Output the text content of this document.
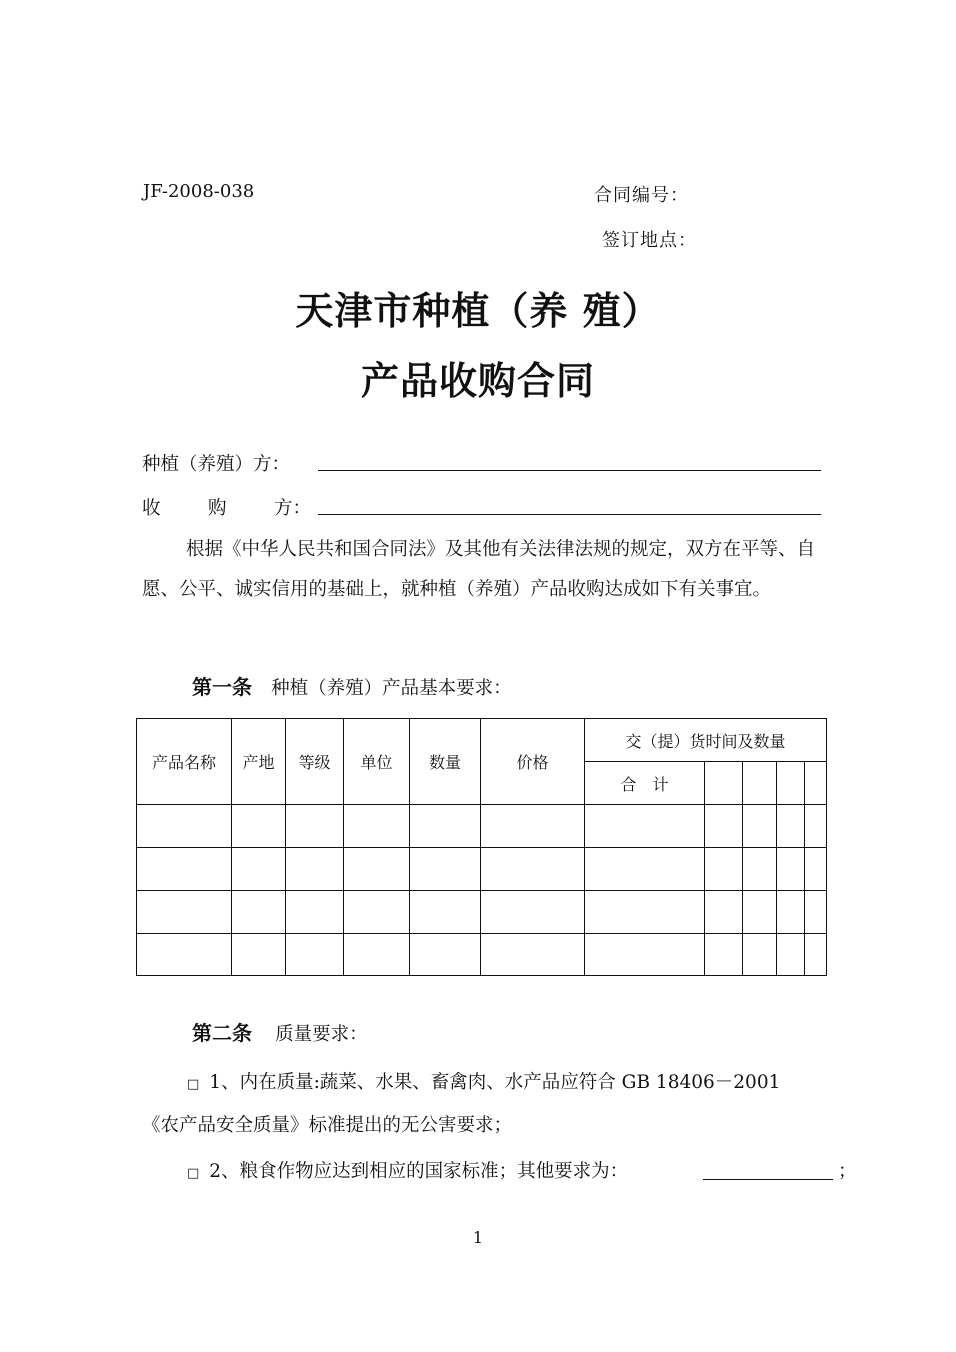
JF-2008-038	合同编号：
签订地点：
天津市种植（养 殖）
产品收购合同
种植（养殖）方：
收	购	方：
根据《中华人民共和国合同法》及其他有关法律法规的规定，双方在平等、自愿、公平、诚实信用的基础上，就种植（养殖）产品收购达成如下有关事宜。
第一条 种植（养殖）产品基本要求：
产品名称	产地	等级	单位	数量	价格	交（提）货时间及数量				
						合　计				

第二条 质量要求：
□ 1、内在质量:蔬菜、水果、畜禽肉、水产品应符合 GB 18406－2001
《农产品安全质量》标准提出的无公害要求；
□ 2、粮食作物应达到相应的国家标准；其他要求为：	；
1
